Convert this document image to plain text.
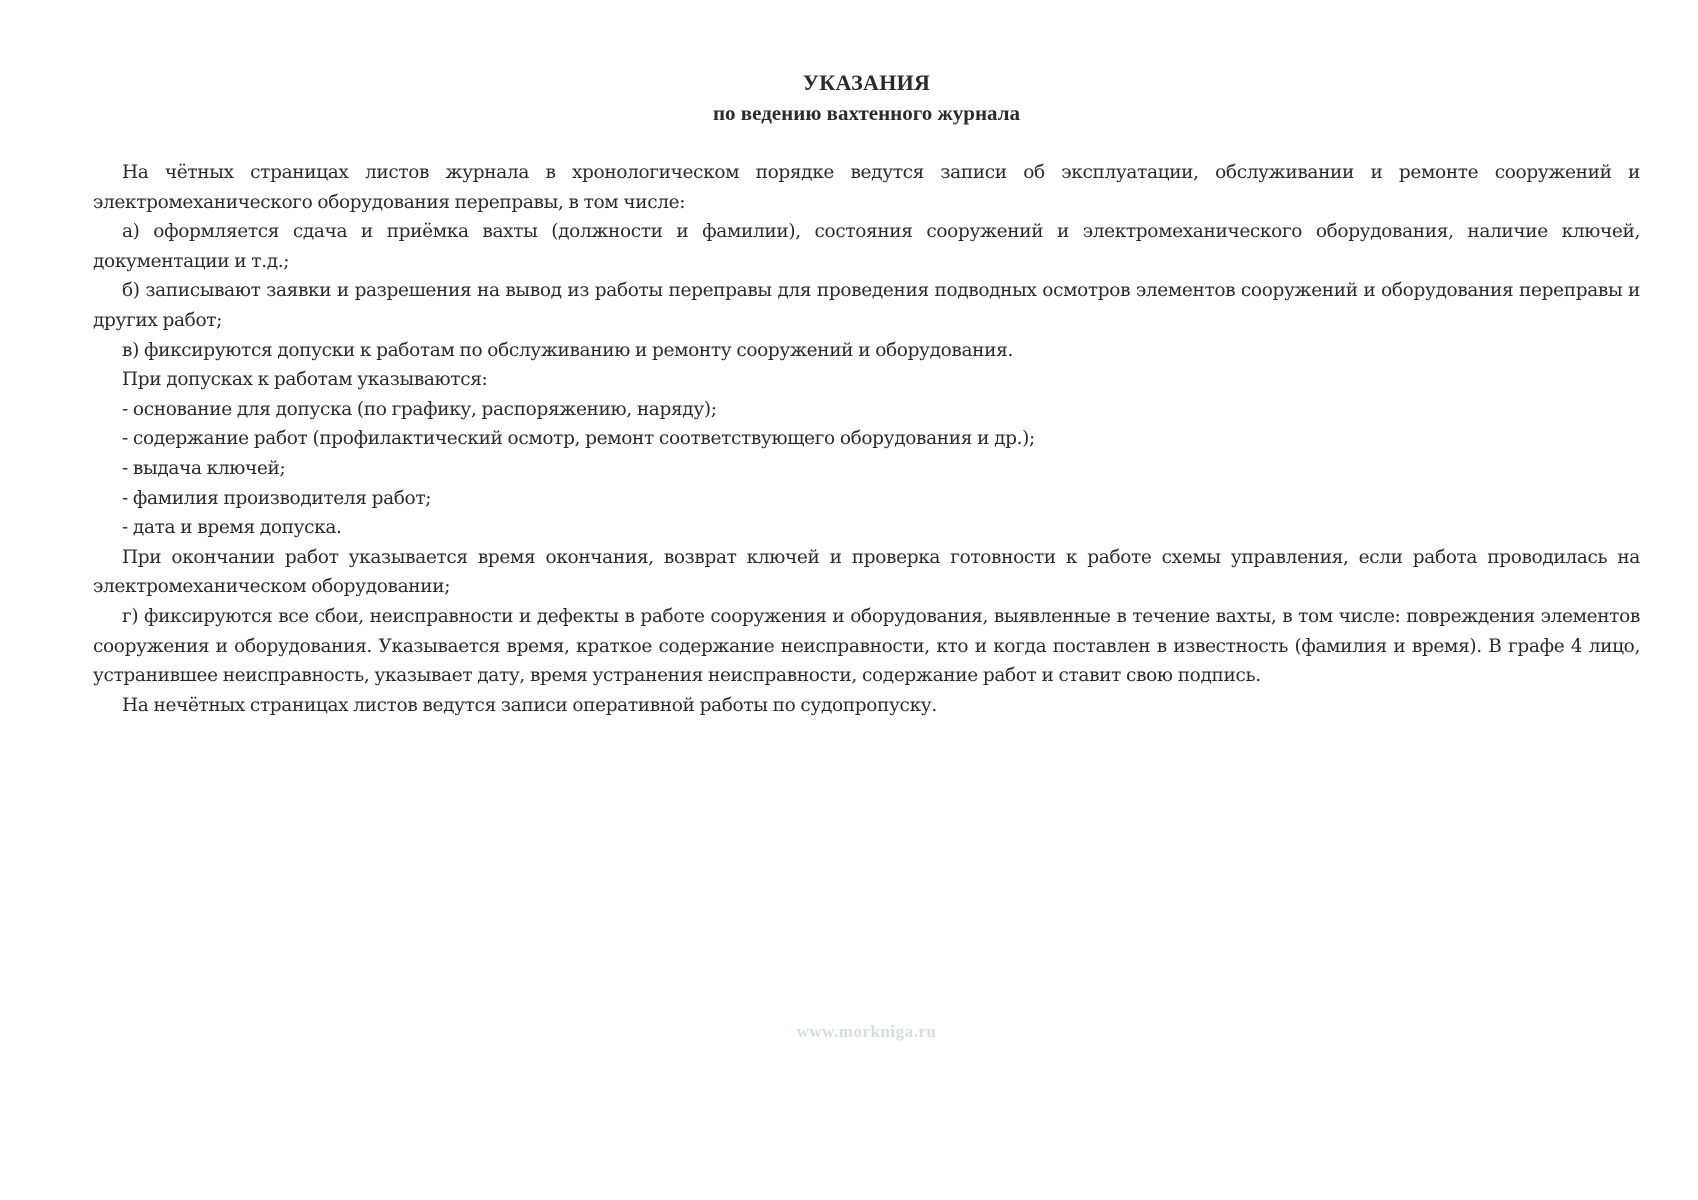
УКАЗАНИЯ
по ведению вахтенного журнала

На чётных страницах листов журнала в хронологическом порядке ведутся записи об эксплуатации, обслуживании и ремонте сооружений и электромеханического оборудования переправы, в том числе:

а) оформляется сдача и приёмка вахты (должности и фамилии), состояния сооружений и электромеханического оборудования, наличие ключей, документации и т.д.;

б) записывают заявки и разрешения на вывод из работы переправы для проведения подводных осмотров элементов сооружений и оборудования переправы и других работ;

в) фиксируются допуски к работам по обслуживанию и ремонту сооружений и оборудования.

При допусках к работам указываются:

- основание для допуска (по графику, распоряжению, наряду);

- содержание работ (профилактический осмотр, ремонт соответствующего оборудования и др.);

- выдача ключей;

- фамилия производителя работ;

- дата и время допуска.

При окончании работ указывается время окончания, возврат ключей и проверка готовности к работе схемы управления, если работа проводилась на электромеханическом оборудовании;

г) фиксируются все сбои, неисправности и дефекты в работе сооружения и оборудования, выявленные в течение вахты, в том числе: повреждения элементов сооружения и оборудования. Указывается время, краткое содержание неисправности, кто и когда поставлен в известность (фамилия и время). В графе 4 лицо, устранившее неисправность, указывает дату, время устранения неисправности, содержание работ и ставит свою подпись.

На нечётных страницах листов ведутся записи оперативной работы по судопропуску.

www.morkniga.ru
